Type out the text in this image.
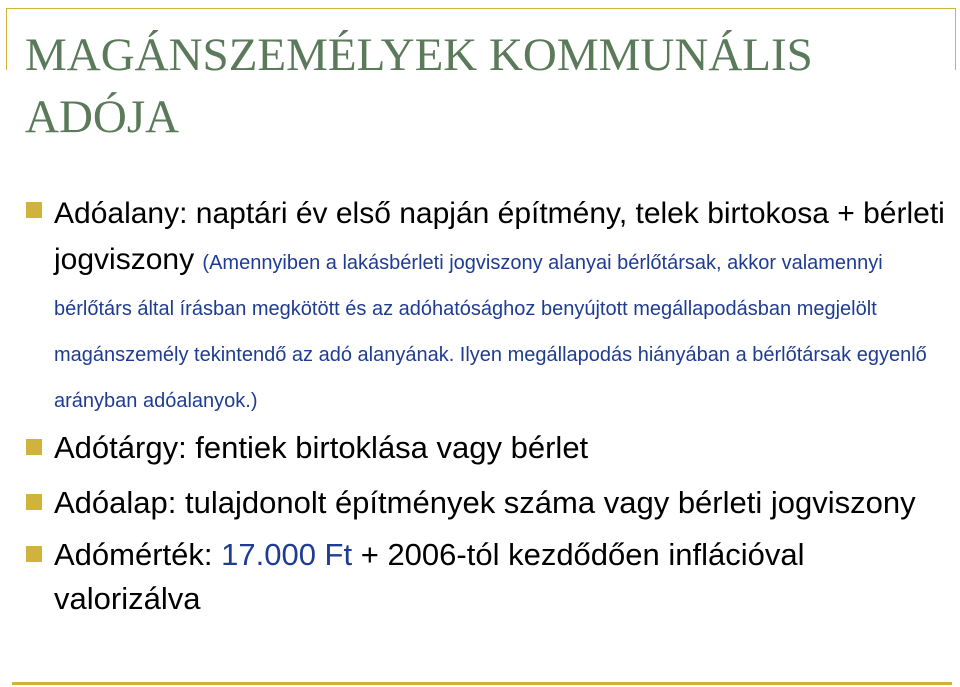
MAGÁNSZEMÉLYEK KOMMUNÁLIS ADÓJA
Adóalany: naptári év első napján építmény, telek birtokosa + bérleti jogviszony (Amennyiben a lakásbérleti jogviszony alanyai bérlőtársak, akkor valamennyi bérlőtárs által írásban megkötött és az adóhatósághoz benyújtott megállapodásban megjelölt magánszemély tekintendő az adó alanyának. Ilyen megállapodás hiányában a bérlőtársak egyenlő arányban adóalanyok.)
Adótárgy: fentiek birtoklása vagy bérlet
Adóalap: tulajdonolt építmények száma vagy bérleti jogviszony
Adómérték: 17.000 Ft + 2006-tól kezdődően inflációval valorizálva
